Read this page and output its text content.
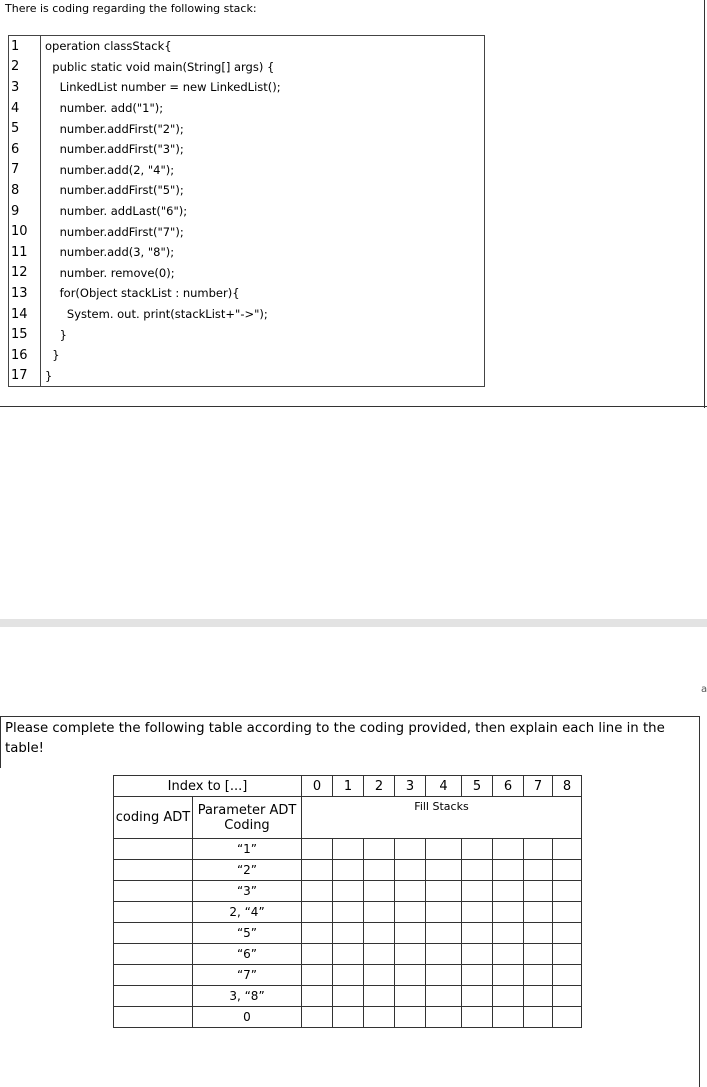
There is coding regarding the following stack:
1	operation classStack{
2	public static void main(String[] args) {
3	LinkedList number = new LinkedList();
4	number. add("1");
5	number.addFirst("2");
6	number.addFirst("3");
7	number.add(2, "4");
8	number.addFirst("5");
9	number. addLast("6");
10	number.addFirst("7");
11	number.add(3, "8");
12	number. remove(0);
13	for(Object stackList : number){
14	System. out. print(stackList+"->");
15	}
16	}
17	}
a
Please complete the following table according to the coding provided, then explain each line in the table!
Index to [...]		0	1	2	3	4	5	6	7	8
coding ADT	Parameter ADT Coding	Fill Stacks								
	“1”									
	“2”									
	“3”									
	2, “4”									
	“5”									
	“6”									
	“7”									
	3, “8”									
	0									
